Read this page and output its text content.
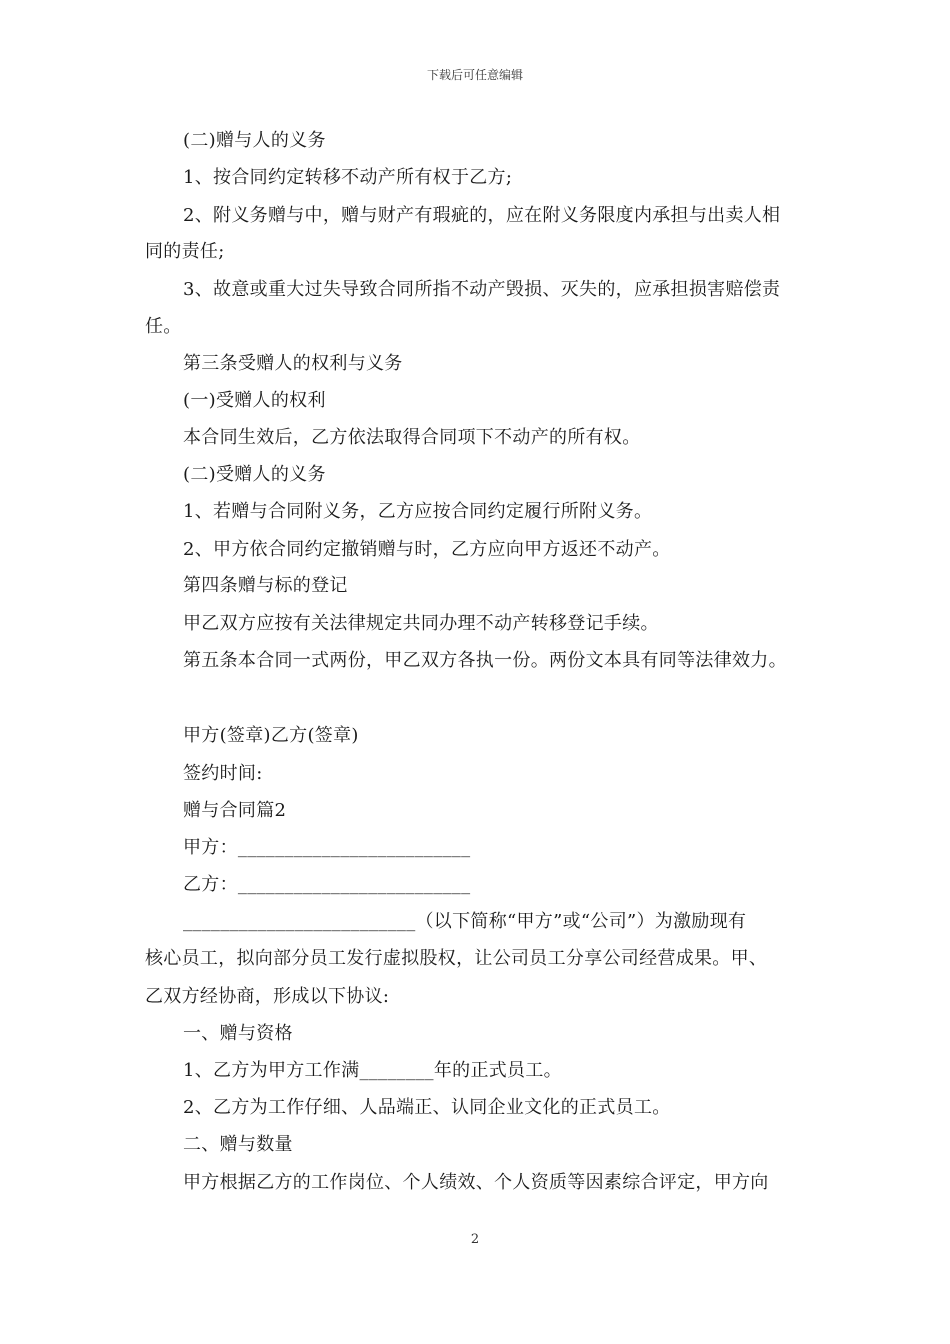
下载后可任意编辑
(二)赠与人的义务
1、按合同约定转移不动产所有权于乙方;
2、附义务赠与中，赠与财产有瑕疵的，应在附义务限度内承担与出卖人相
同的责任;
3、故意或重大过失导致合同所指不动产毁损、灭失的，应承担损害赔偿责
任。
第三条受赠人的权利与义务
(一)受赠人的权利
本合同生效后，乙方依法取得合同项下不动产的所有权。
(二)受赠人的义务
1、若赠与合同附义务，乙方应按合同约定履行所附义务。
2、甲方依合同约定撤销赠与时，乙方应向甲方返还不动产。
第四条赠与标的登记
甲乙双方应按有关法律规定共同办理不动产转移登记手续。
第五条本合同一式两份，甲乙双方各执一份。两份文本具有同等法律效力。
甲方(签章)乙方(签章)
签约时间:
赠与合同篇2
甲方：_________________________
乙方：_________________________
_________________________（以下简称“甲方”或“公司”）为激励现有
核心员工，拟向部分员工发行虚拟股权，让公司员工分享公司经营成果。甲、
乙双方经协商，形成以下协议:
一、赠与资格
1、乙方为甲方工作满________年的正式员工。
2、乙方为工作仔细、人品端正、认同企业文化的正式员工。
二、赠与数量
甲方根据乙方的工作岗位、个人绩效、个人资质等因素综合评定，甲方向
2
